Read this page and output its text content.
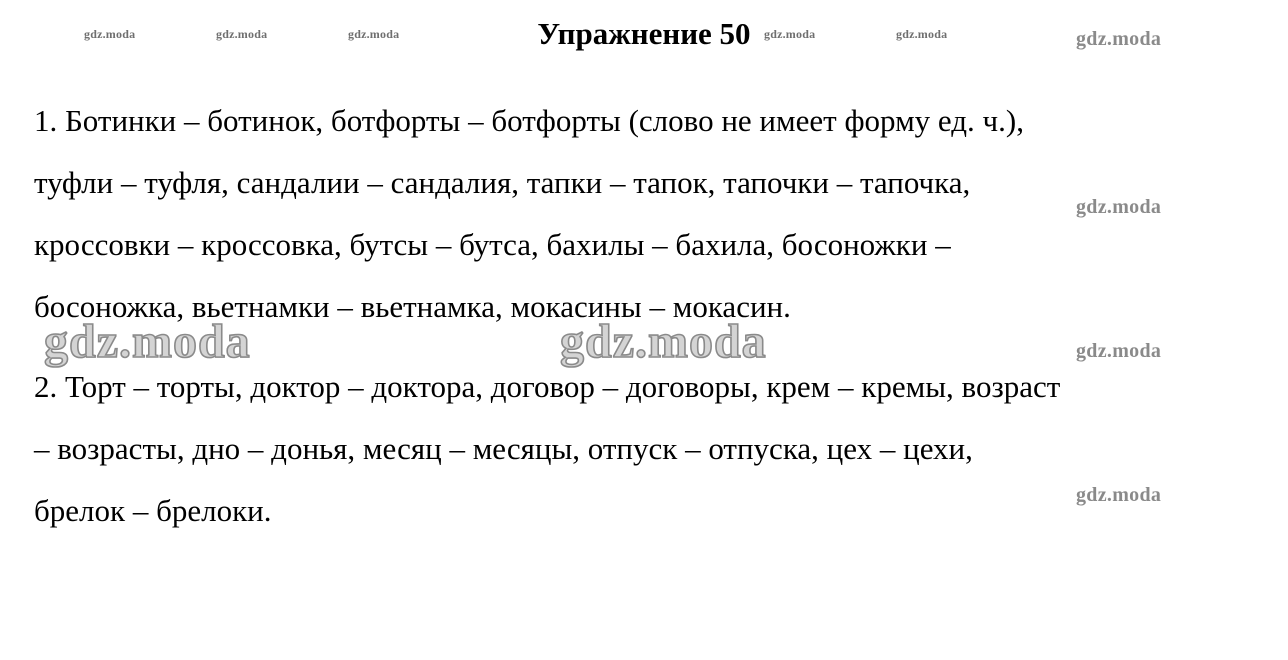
gdz.moda	gdz.moda	gdz.moda	gdz.moda	gdz.moda	gdz.moda
gdz.moda
gdz.moda
gdz.moda
Упражнение 50

1. Ботинки – ботинок, ботфорты – ботфорты (слово не имеет форму ед. ч.),
туфли – туфля, сандалии – сандалия, тапки – тапок, тапочки – тапочка,
кроссовки – кроссовка, бутсы – бутса, бахилы – бахила, босоножки –
босоножка, вьетнамки – вьетнамка, мокасины – мокасин.

gdz.moda	gdz.moda

2. Торт – торты, доктор – доктора, договор – договоры, крем – кремы, возраст
– возрасты, дно – донья, месяц – месяцы, отпуск – отпуска, цех – цехи,
брелок – брелоки.
